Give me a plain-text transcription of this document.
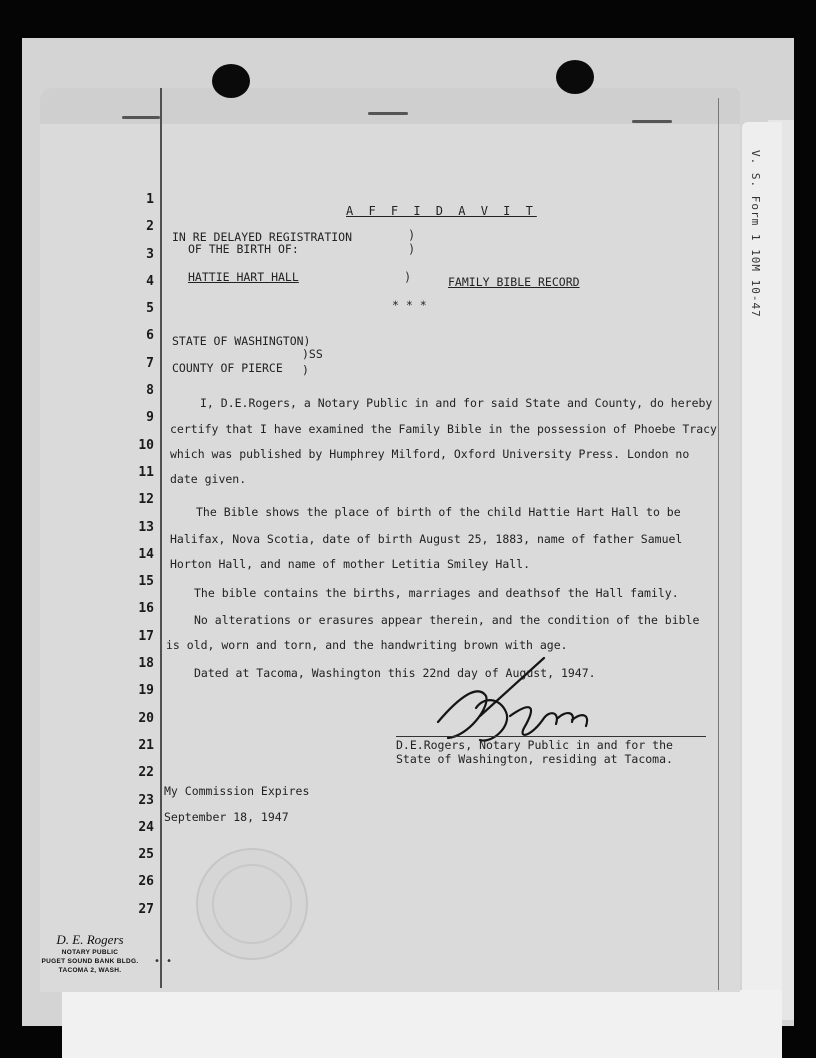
V. S. Form 1 10M 10-47
1
2
3
4
5
6
7
8
9
10
11
12
13
14
15
16
17
18
19
20
21
22
23
24
25
26
27
A F F I D A V I T
IN RE DELAYED REGISTRATION
OF THE BIRTH OF:
)
)
HATTIE HART HALL	)	FAMILY BIBLE RECORD
* * *
STATE OF WASHINGTON)
)SS
COUNTY OF PIERCE )
I, D.E.Rogers, a Notary Public in and for said State and County, do hereby
certify that I have examined the Family Bible in the possession of Phoebe Tracy
which was published by Humphrey Milford, Oxford University Press. London no
date given.
The Bible shows the place of birth of the child Hattie Hart Hall to be
Halifax, Nova Scotia, date of birth August 25, 1883, name of father Samuel
Horton Hall, and name of mother Letitia Smiley Hall.
The bible contains the births, marriages and deathsof the Hall family.
No alterations or erasures appear therein, and the condition of the bible
is old, worn and torn, and the handwriting brown with age.
Dated at Tacoma, Washington this 22nd day of August, 1947.
D.E.Rogers, Notary Public in and for the
State of Washington, residing at Tacoma.
My Commission Expires
September 18, 1947
D. E. Rogers
NOTARY PUBLIC
PUGET SOUND BANK BLDG.
TACOMA 2, WASH.
• •
